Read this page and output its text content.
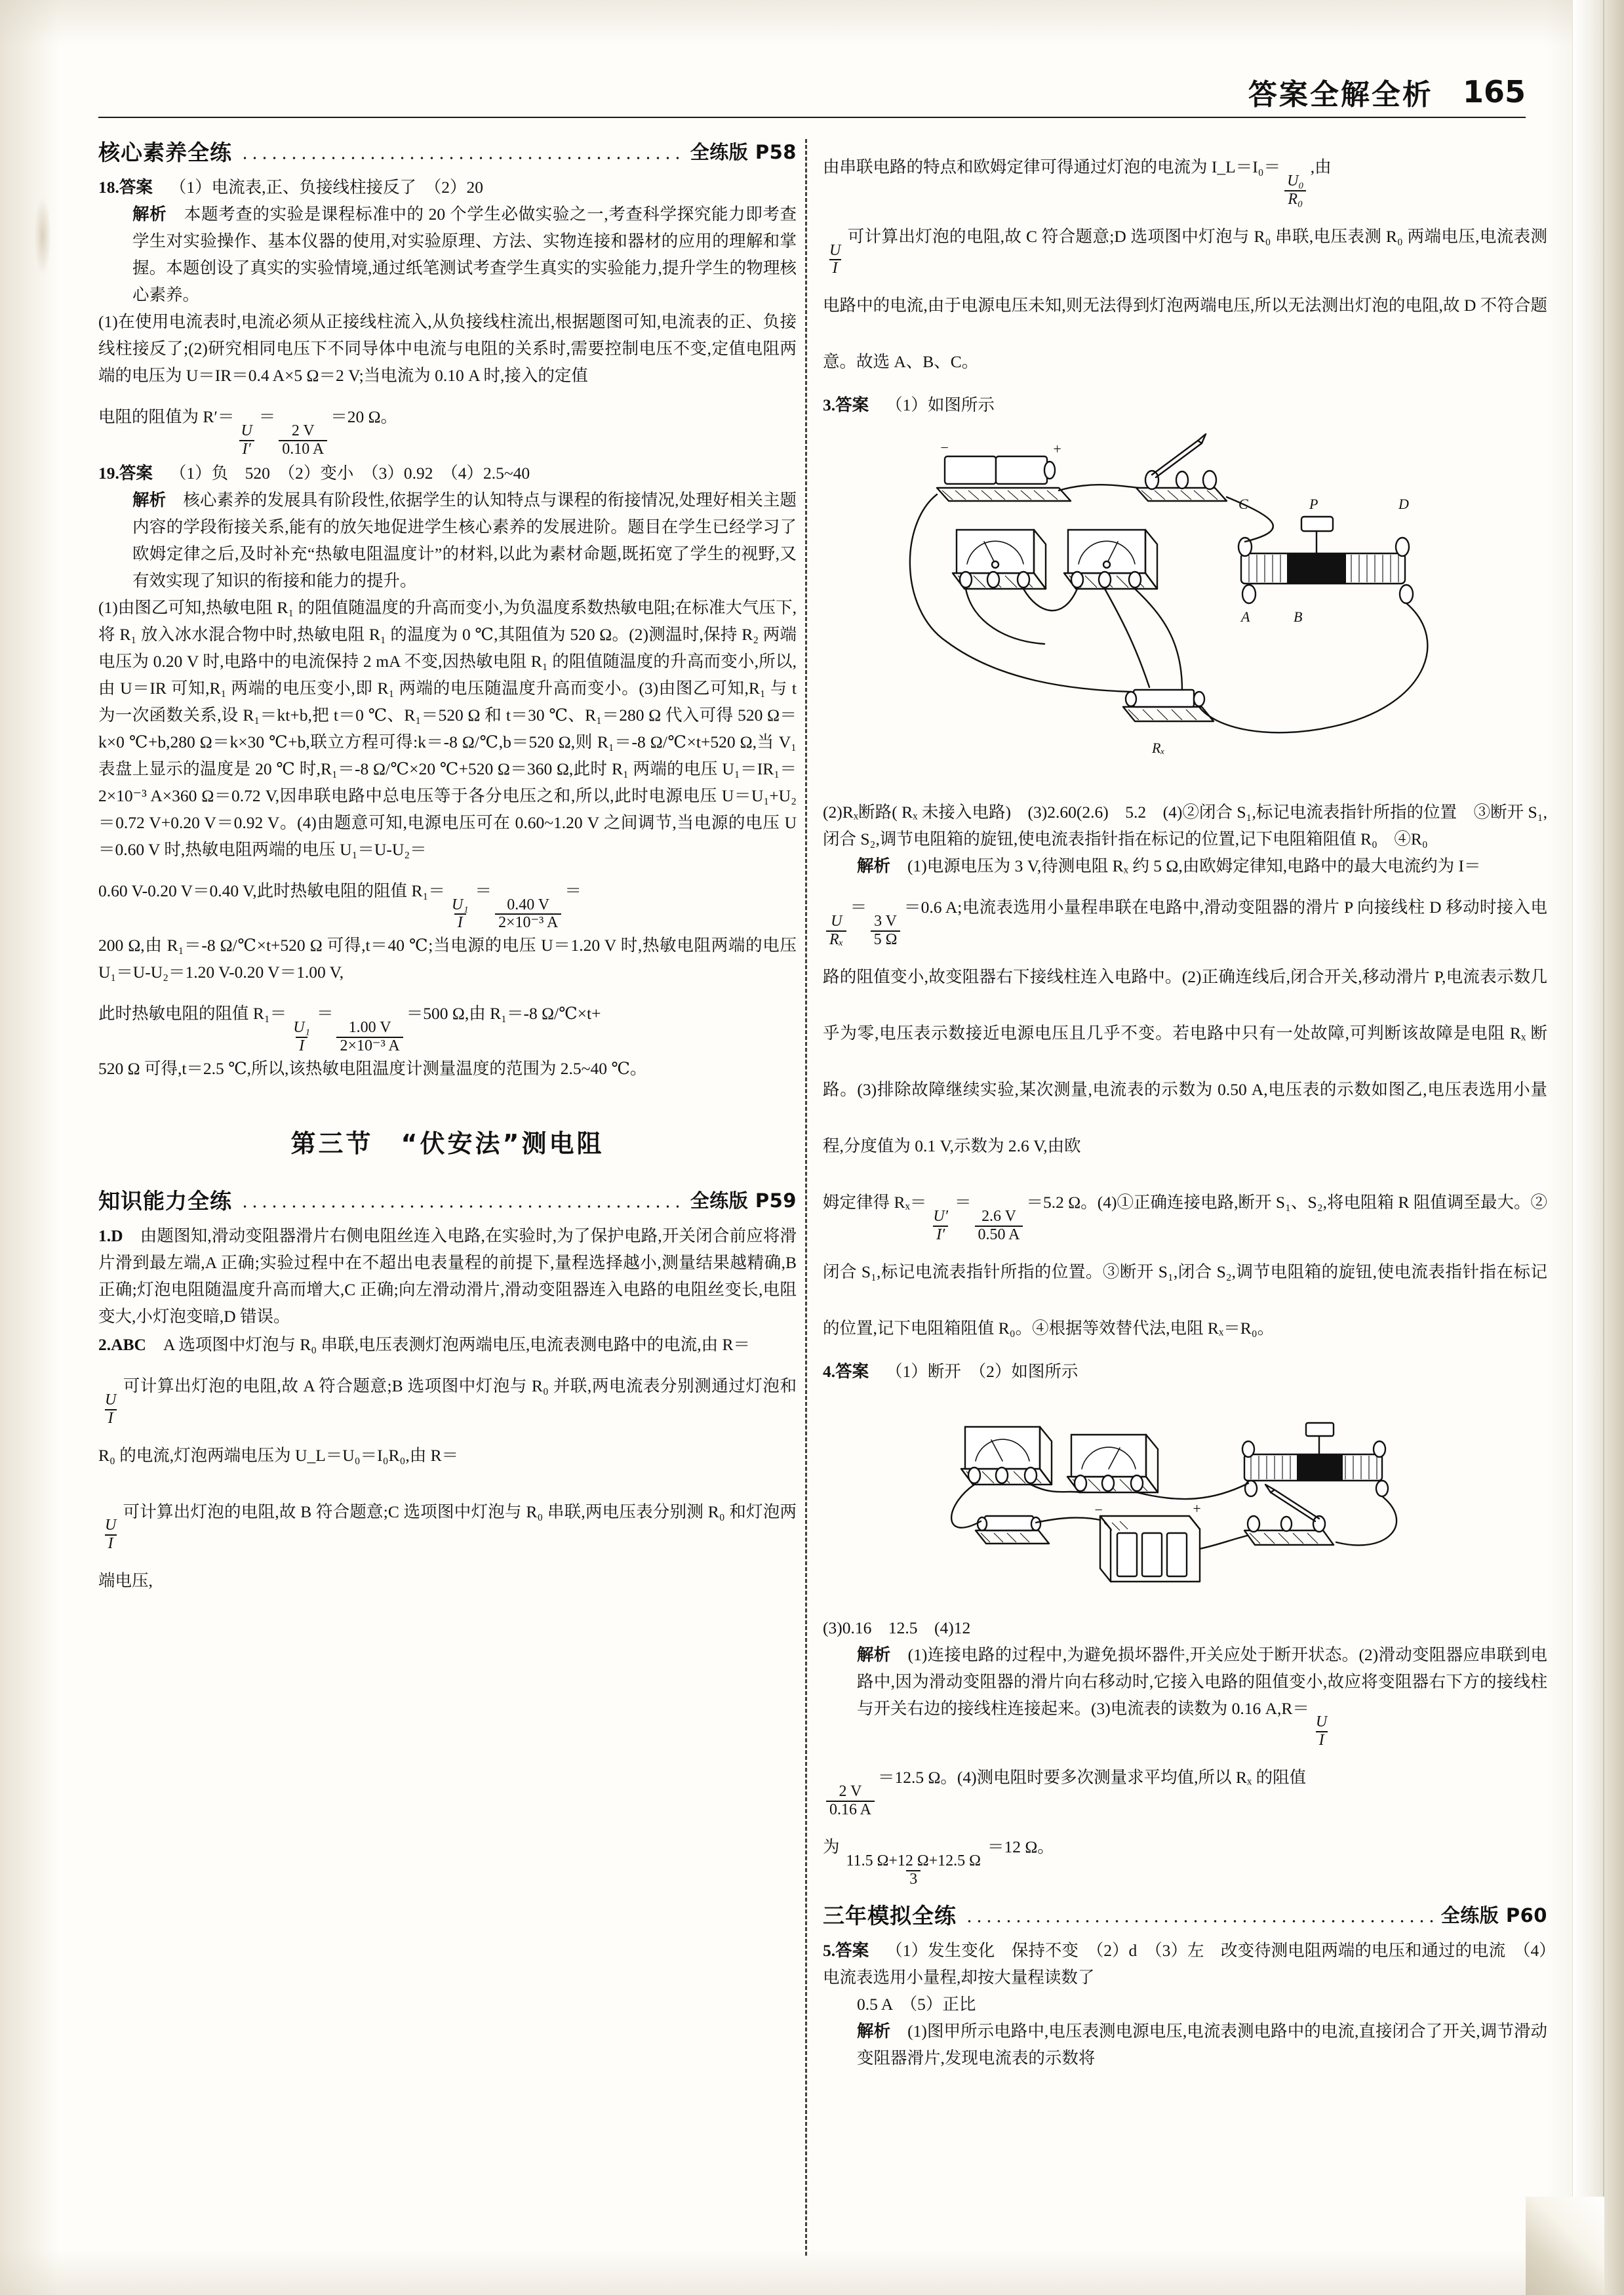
答案全解全析 165
核心素养全练	全练版 P58
18.答案 （1）电流表,正、负接线柱接反了　（2）20
解析 本题考查的实验是课程标准中的 20 个学生必做实验之一,考查科学探究能力即考查学生对实验操作、基本仪器的使用,对实验原理、方法、实物连接和器材的应用的理解和掌握。本题创设了真实的实验情境,通过纸笔测试考查学生真实的实验能力,提升学生的物理核心素养。
(1)在使用电流表时,电流必须从正接线柱流入,从负接线柱流出,根据题图可知,电流表的正、负接线柱接反了;(2)研究相同电压下不同导体中电流与电阻的关系时,需要控制电压不变,定值电阻两端的电压为 U＝IR＝0.4 A×5 Ω＝2 V;当电流为 0.10 A 时,接入的定值
电阻的阻值为 R′＝
$\frac{U}{I'}$
＝
$\frac{2 V}{0.10 A}$
＝20 Ω。
19.答案 （1）负　520　（2）变小　（3）0.92　（4）2.5~40
解析 核心素养的发展具有阶段性,依据学生的认知特点与课程的衔接情况,处理好相关主题内容的学段衔接关系,能有的放矢地促进学生核心素养的发展进阶。题目在学生已经学习了欧姆定律之后,及时补充“热敏电阻温度计”的材料,以此为素材命题,既拓宽了学生的视野,又有效实现了知识的衔接和能力的提升。
(1)由图乙可知,热敏电阻 R₁ 的阻值随温度的升高而变小,为负温度系数热敏电阻;在标准大气压下,将 R₁ 放入冰水混合物中时,热敏电阻 R₁ 的温度为 0 ℃,其阻值为 520 Ω。(2)测温时,保持 R₂ 两端电压为 0.20 V 时,电路中的电流保持 2 mA 不变,因热敏电阻 R₁ 的阻值随温度的升高而变小,所以,由 U＝IR 可知,R₁ 两端的电压变小,即 R₁ 两端的电压随温度升高而变小。(3)由图乙可知,R₁ 与 t 为一次函数关系,设 R₁＝kt+b,把 t＝0 ℃、R₁＝520 Ω 和 t＝30 ℃、R₁＝280 Ω 代入可得 520 Ω＝k×0 ℃+b,280 Ω＝k×30 ℃+b,联立方程可得:k＝-8 Ω/℃,b＝520 Ω,则 R₁＝-8 Ω/℃×t+520 Ω,当 V₁ 表盘上显示的温度是 20 ℃ 时,R₁＝-8 Ω/℃×20 ℃+520 Ω＝360 Ω,此时 R₁ 两端的电压 U₁＝IR₁＝2×10⁻³ A×360 Ω＝0.72 V,因串联电路中总电压等于各分电压之和,所以,此时电源电压 U＝U₁+U₂＝0.72 V+0.20 V＝0.92 V。(4)由题意可知,电源电压可在 0.60~1.20 V 之间调节,当电源的电压 U＝0.60 V 时,热敏电阻两端的电压 U₁＝U-U₂＝
0.60 V-0.20 V＝0.40 V,此时热敏电阻的阻值 R₁＝
$\frac{\text{U₁}}{I}$
＝
$\frac{0.40 V}{\text{2×10⁻³ A}}$
＝
200 Ω,由 R₁＝-8 Ω/℃×t+520 Ω 可得,t＝40 ℃;当电源的电压 U＝1.20 V 时,热敏电阻两端的电压 U₁＝U-U₂＝1.20 V-0.20 V＝1.00 V,
此时热敏电阻的阻值 R₁＝
$\frac{\text{U₁}}{I}$
＝
$\frac{1.00 V}{\text{2×10⁻³ A}}$
＝500 Ω,由 R₁＝-8 Ω/℃×t+
520 Ω 可得,t＝2.5 ℃,所以,该热敏电阻温度计测量温度的范围为 2.5~40 ℃。
第三节　“伏安法”测电阻
知识能力全练	全练版 P59
1.D 由题图知,滑动变阻器滑片右侧电阻丝连入电路,在实验时,为了保护电路,开关闭合前应将滑片滑到最左端,A 正确;实验过程中在不超出电表量程的前提下,量程选择越小,测量结果越精确,B 正确;灯泡电阻随温度升高而增大,C 正确;向左滑动滑片,滑动变阻器连入电路的电阻丝变长,电阻变大,小灯泡变暗,D 错误。
2.ABC A 选项图中灯泡与 R₀ 串联,电压表测灯泡两端电压,电流表测电路中的电流,由 R＝
$\frac{U}{I}$
可计算出灯泡的电阻,故 A 符合题意;B 选项图中灯泡与 R₀ 并联,两电流表分别测通过灯泡和 R₀ 的电流,灯泡两端电压为 U_L＝U₀＝I₀R₀,由 R＝
$\frac{U}{I}$
可计算出灯泡的电阻,故 B 符合题意;C 选项图中灯泡与 R₀ 串联,两电压表分别测 R₀ 和灯泡两端电压,
由串联电路的特点和欧姆定律可得通过灯泡的电流为 I_L＝I₀＝
$\frac{\text{U₀}}{\text{R₀}}$
,由
$\frac{U}{I}$
可计算出灯泡的电阻,故 C 符合题意;D 选项图中灯泡与 R₀ 串联,电压表测 R₀ 两端电压,电流表测电路中的电流,由于电源电压未知,则无法得到灯泡两端电压,所以无法测出灯泡的电阻,故 D 不符合题意。故选 A、B、C。
3.答案 （1）如图所示
−	+
C	P	D
A	B
Rₓ
(2)Rₓ断路( Rₓ 未接入电路)　(3)2.60(2.6)　5.2　(4)②闭合 S₁,标记电流表指针所指的位置　③断开 S₁,闭合 S₂,调节电阻箱的旋钮,使电流表指针指在标记的位置,记下电阻箱阻值 R₀　④R₀
解析 (1)电源电压为 3 V,待测电阻 Rₓ 约 5 Ω,由欧姆定律知,电路中的最大电流约为 I＝
$\frac{U}{\text{Rₓ}}$
＝
$\frac{3 V}{5 \Omega}$
＝0.6 A;电流表选用小量程串联在电路中,滑动变阻器的滑片 P 向接线柱 D 移动时接入电路的阻值变小,故变阻器右下接线柱连入电路中。(2)正确连线后,闭合开关,移动滑片 P,电流表示数几乎为零,电压表示数接近电源电压且几乎不变。若电路中只有一处故障,可判断该故障是电阻 Rₓ 断路。(3)排除故障继续实验,某次测量,电流表的示数为 0.50 A,电压表的示数如图乙,电压表选用小量程,分度值为 0.1 V,示数为 2.6 V,由欧
姆定律得 Rₓ＝
$\frac{U'}{I'}$
＝
$\frac{2.6 V}{0.50 A}$
＝5.2 Ω。(4)①正确连接电路,断开 S₁、S₂,将电阻箱 R 阻值调至最大。②闭合 S₁,标记电流表指针所指的位置。③断开 S₁,闭合 S₂,调节电阻箱的旋钮,使电流表指针指在标记的位置,记下电阻箱阻值 R₀。④根据等效替代法,电阻 Rₓ＝R₀。
4.答案 （1）断开　（2）如图所示
−	+
(3)0.16　12.5　(4)12
解析 (1)连接电路的过程中,为避免损坏器件,开关应处于断开状态。(2)滑动变阻器应串联到电路中,因为滑动变阻器的滑片向右移动时,它接入电路的阻值变小,故应将变阻器右下方的接线柱与开关右边的接线柱连接起来。(3)电流表的读数为 0.16 A,R＝
$\frac{U}{I}$
$\frac{2 V}{0.16 A}$
＝12.5 Ω。(4)测电阻时要多次测量求平均值,所以 Rₓ 的阻值
为
$\frac{11.5 \Omega+12 \Omega+12.5 \Omega}{3}$
＝12 Ω。
三年模拟全练	全练版 P60
5.答案 （1）发生变化　保持不变　（2）d　（3）左　改变待测电阻两端的电压和通过的电流　（4）电流表选用小量程,却按大量程读数了
0.5 A　（5）正比
解析 (1)图甲所示电路中,电压表测电源电压,电流表测电路中的电流,直接闭合了开关,调节滑动变阻器滑片,发现电流表的示数将
